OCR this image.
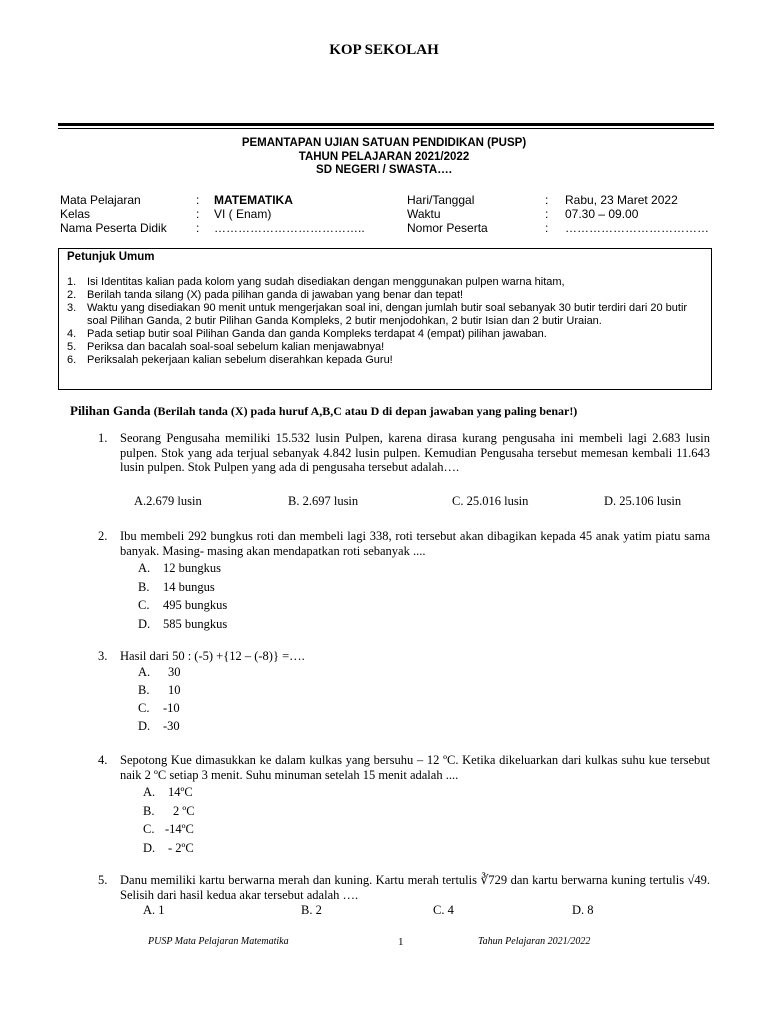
KOP SEKOLAH
PEMANTAPAN UJIAN SATUAN PENDIDIKAN (PUSP)
TAHUN PELAJARAN 2021/2022
SD NEGERI / SWASTA….
Mata Pelajaran	: MATEMATIKA	Hari/Tanggal	: Rabu, 23 Maret 2022
Kelas	: VI ( Enam)	Waktu	: 07.30 – 09.00
Nama Peserta Didik : ………………………………..	Nomor Peserta	: ………………………………
Petunjuk Umum
1. Isi Identitas kalian pada kolom yang sudah disediakan dengan menggunakan pulpen warna hitam,
2. Berilah tanda silang (X) pada pilihan ganda di jawaban yang benar dan tepat!
3. Waktu yang disediakan 90 menit untuk mengerjakan soal ini, dengan jumlah butir soal sebanyak 30 butir terdiri dari 20 butir soal Pilihan Ganda, 2 butir Pilihan Ganda Kompleks, 2 butir menjodohkan, 2 butir Isian dan 2 butir Uraian.
4. Pada setiap butir soal Pilihan Ganda dan ganda Kompleks terdapat 4 (empat) pilihan jawaban.
5. Periksa dan bacalah soal-soal sebelum kalian menjawabnya!
6. Periksalah pekerjaan kalian sebelum diserahkan kepada Guru!
Pilihan Ganda (Berilah tanda (X) pada huruf A,B,C atau D di depan jawaban yang paling benar!)
1. Seorang Pengusaha memiliki 15.532 lusin Pulpen, karena dirasa kurang pengusaha ini membeli lagi 2.683 lusin pulpen. Stok yang ada terjual sebanyak 4.842 lusin pulpen. Kemudian Pengusaha tersebut memesan kembali 11.643 lusin pulpen. Stok Pulpen yang ada di pengusaha tersebut adalah….
A.2.679 lusin	B. 2.697 lusin	C. 25.016 lusin	D. 25.106 lusin
2. Ibu membeli 292 bungkus roti dan membeli lagi 338, roti tersebut akan dibagikan kepada 45 anak yatim piatu sama banyak. Masing- masing akan mendapatkan roti sebanyak ....
A. 12 bungkus
B. 14 bungus
C. 495 bungkus
D. 585 bungkus
3. Hasil dari 50 : (-5) +{12 – (-8)} =….
A. 30
B. 10
C. -10
D. -30
4. Sepotong Kue dimasukkan ke dalam kulkas yang bersuhu – 12 ºC. Ketika dikeluarkan dari kulkas suhu kue tersebut naik 2 ºC setiap 3 menit. Suhu minuman setelah 15 menit adalah ....
A. 14ºC
B. 2 ºC
C. -14ºC
D. - 2ºC
5. Danu memiliki kartu berwarna merah dan kuning. Kartu merah tertulis ∛729 dan kartu berwarna kuning tertulis √49. Selisih dari hasil kedua akar tersebut adalah ….
A. 1	B. 2	C. 4	D. 8
PUSP Mata Pelajaran Matematika	1	Tahun Pelajaran 2021/2022
